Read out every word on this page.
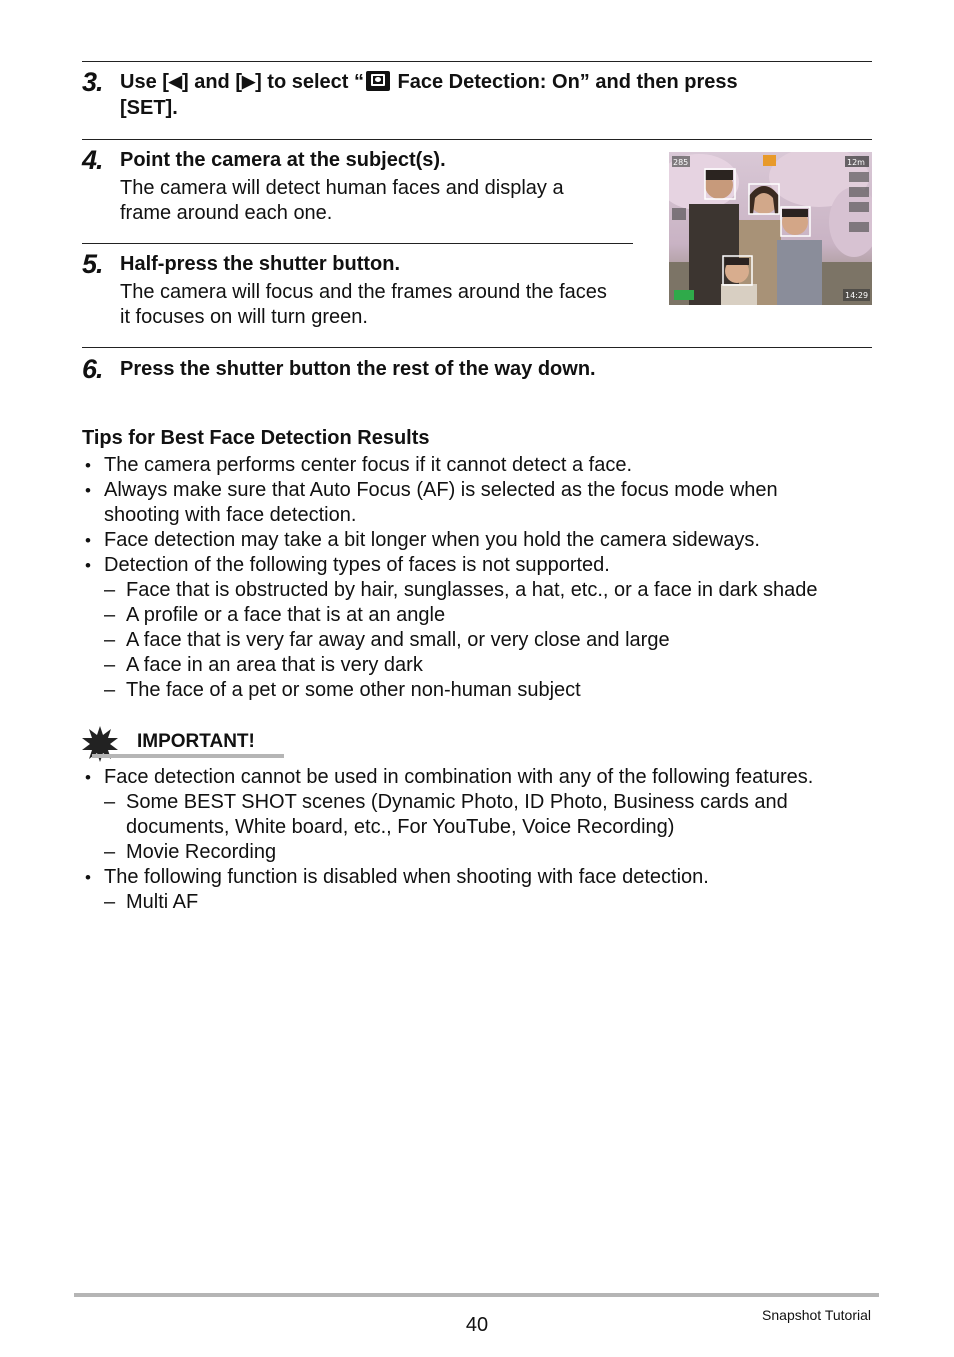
3. Use [◀] and [▶] to select “ Face Detection: On” and then press
[SET].
4. Point the camera at the subject(s).
The camera will detect human faces and display a
frame around each one.
5. Half-press the shutter button.
The camera will focus and the frames around the faces
it focuses on will turn green.
285	12m
14:29
6. Press the shutter button the rest of the way down.
Tips for Best Face Detection Results
• The camera performs center focus if it cannot detect a face.
• Always make sure that Auto Focus (AF) is selected as the focus mode when
shooting with face detection.
• Face detection may take a bit longer when you hold the camera sideways.
• Detection of the following types of faces is not supported.
– Face that is obstructed by hair, sunglasses, a hat, etc., or a face in dark shade
– A profile or a face that is at an angle
– A face that is very far away and small, or very close and large
– A face in an area that is very dark
– The face of a pet or some other non-human subject
IMPORTANT!
• Face detection cannot be used in combination with any of the following features.
– Some BEST SHOT scenes (Dynamic Photo, ID Photo, Business cards and
documents, White board, etc., For YouTube, Voice Recording)
– Movie Recording
• The following function is disabled when shooting with face detection.
– Multi AF
40	Snapshot Tutorial
